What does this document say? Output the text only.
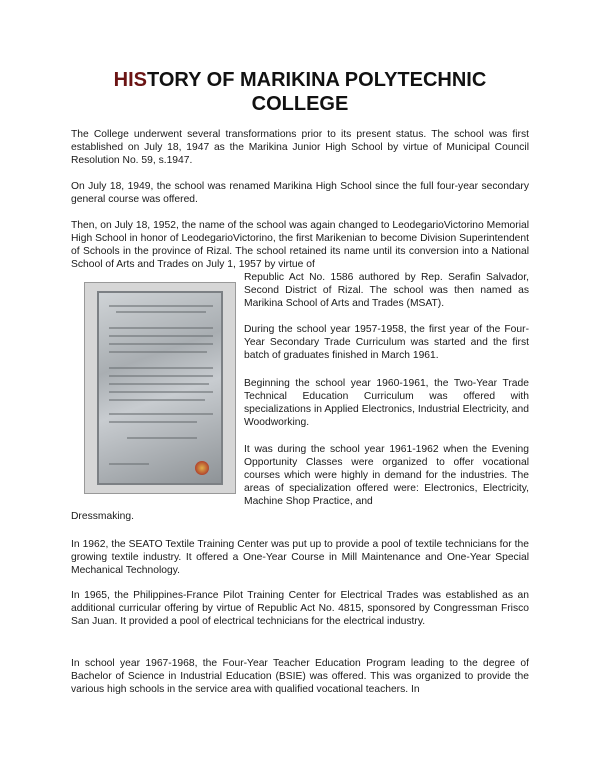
HISTORY OF MARIKINA POLYTECHNIC
COLLEGE

The College underwent several transformations prior to its present status. The school was first established on July 18, 1947 as the Marikina Junior High School by virtue of Municipal Council Resolution No. 59, s.1947.

On July 18, 1949, the school was renamed Marikina High School since the full four-year secondary general course was offered.

Then, on July 18, 1952, the name of the school was again changed to LeodegarioVictorino Memorial High School in honor of LeodegarioVictorino, the first Marikenian to become Division Superintendent of Schools in the province of Rizal. The school retained its name until its conversion into a National School of Arts and Trades on July 1, 1957 by virtue of

Republic Act No. 1586 authored by Rep. Serafin Salvador, Second District of Rizal. The school was then named as Marikina School of Arts and Trades (MSAT).

During the school year 1957-1958, the first year of the Four-Year Secondary Trade Curriculum was started and the first batch of graduates finished in March 1961.

Beginning the school year 1960-1961, the Two-Year Trade Technical Education Curriculum was offered with specializations in Applied Electronics, Industrial Electricity, and Woodworking.

It was during the school year 1961-1962 when the Evening Opportunity Classes were organized to offer vocational courses which were highly in demand for the industries. The areas of specialization offered were: Electronics, Electricity, Machine Shop Practice, and

Dressmaking.

In 1962, the SEATO Textile Training Center was put up to provide a pool of textile technicians for the growing textile industry. It offered a One-Year Course in Mill Maintenance and One-Year Special Mechanical Technology.

In 1965, the Philippines-France Pilot Training Center for Electrical Trades was established as an additional curricular offering by virtue of Republic Act No. 4815, sponsored by Congressman Frisco San Juan. It provided a pool of electrical technicians for the electrical industry.

In school year 1967-1968, the Four-Year Teacher Education Program leading to the degree of Bachelor of Science in Industrial Education (BSIE) was offered. This was organized to provide the various high schools in the service area with qualified vocational teachers. In
